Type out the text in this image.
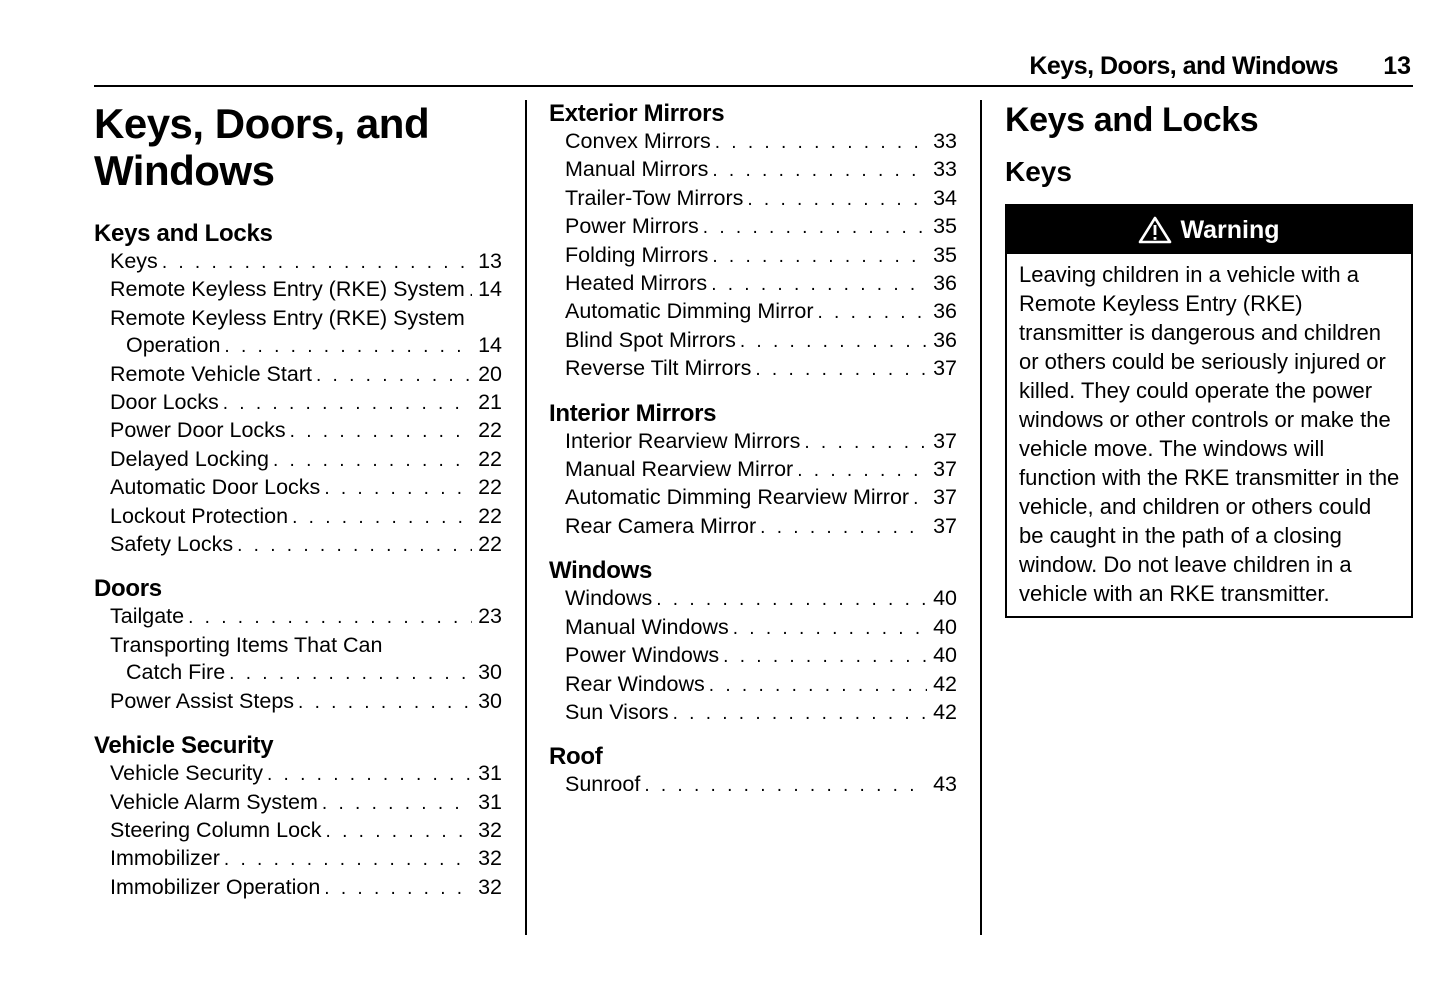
Keys, Doors, and Windows 13
Keys, Doors, and
Windows
Keys and Locks
Keys . . .	13
Remote Keyless Entry (RKE) System . . . 14
Remote Keyless Entry (RKE) System
Operation . . .	14
Remote Vehicle Start . . .	20
Door Locks . . .	21
Power Door Locks . . .	22
Delayed Locking . . .	22
Automatic Door Locks . . .	22
Lockout Protection . . .	22
Safety Locks . . .	22
Doors
Tailgate . . .	23
Transporting Items That Can
Catch Fire . . .	30
Power Assist Steps . . .	30
Vehicle Security
Vehicle Security . . .	31
Vehicle Alarm System . . .	31
Steering Column Lock . . .	32
Immobilizer . . .	32
Immobilizer Operation . . .	32
Exterior Mirrors
Convex Mirrors . . .	33
Manual Mirrors . . .	33
Trailer-Tow Mirrors . . .	34
Power Mirrors . . .	35
Folding Mirrors . . .	35
Heated Mirrors . . .	36
Automatic Dimming Mirror . . .	36
Blind Spot Mirrors . . .	36
Reverse Tilt Mirrors . . .	37
Interior Mirrors
Interior Rearview Mirrors . . .	37
Manual Rearview Mirror . . .	37
Automatic Dimming Rearview Mirror . . . 37
Rear Camera Mirror . . .	37
Windows
Windows . . .	40
Manual Windows . . .	40
Power Windows . . .	40
Rear Windows . . .	42
Sun Visors . . .	42
Roof
Sunroof . . .	43
Keys and Locks
Keys
Warning
Leaving children in a vehicle with a Remote Keyless Entry (RKE) transmitter is dangerous and children or others could be seriously injured or killed. They could operate the power windows or other controls or make the vehicle move. The windows will function with the RKE transmitter in the vehicle, and children or others could be caught in the path of a closing window. Do not leave children in a vehicle with an RKE transmitter.
